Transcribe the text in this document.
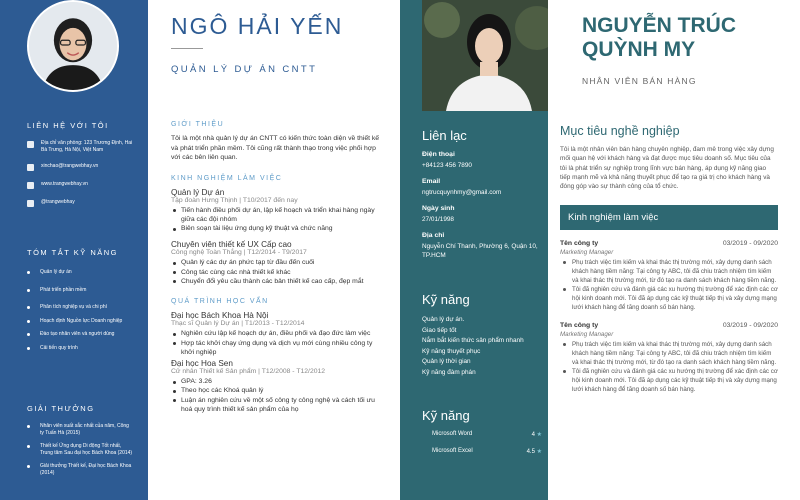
LIÊN HỆ VỚI TÔI
Địa chỉ văn phòng: 123 Trương Định, Hai Bà Trưng, Hà Nội, Việt Nam
xinchao@trangwebhay.vn
www.trangwebhay.vn
@trangwebhay
TÓM TẮT KỸ NĂNG
Quản lý dự án
Phát triển phần mềm
Phân tích nghiệp vụ và chi phí
Hoạch định Nguồn lực Doanh nghiệp
Đào tạo nhân viên và người dùng
Cải tiến quy trình
GIẢI THƯỞNG
Nhân viên xuất sắc nhất của năm, Công ty Tuấn Hà (2015)
Thiết kế Ứng dụng Di động Tốt nhất, Trung tâm Sau đại học Bách Khoa (2014)
Giải thưởng Thiết kế, Đại học Bách Khoa (2014)
NGÔ HẢI YẾN
QUẢN LÝ DỰ ÁN CNTT
GIỚI THIỆU

Tôi là một nhà quản lý dự án CNTT có kiến thức toàn diện về thiết kế và phát triển phần mềm. Tôi cũng rất thành thạo trong việc phối hợp với các bên liên quan.

KINH NGHIỆM LÀM VIỆC
Quản lý Dự án
Tập đoàn Hưng Thịnh | T10/2017 đến nay
Tiến hành điều phối dự án, lập kế hoạch và triển khai hàng ngày giữa các đội nhóm
Biên soạn tài liệu ứng dụng kỹ thuật và chức năng
Chuyên viên thiết kế UX Cấp cao
Công nghệ Toàn Thắng | T12/2014 - T9/2017
Quản lý các dự án phức tạp từ đầu đến cuối
Công tác cùng các nhà thiết kế khác
Chuyển đổi yêu cầu thành các bản thiết kế cao cấp, đẹp mắt
QUÁ TRÌNH HỌC VẤN
Đại học Bách Khoa Hà Nội
Thạc sĩ Quản lý Dự án | T1/2013 - T12/2014
Nghiên cứu lập kế hoạch dự án, điều phối và đạo đức làm việc
Hợp tác khởi chạy ứng dụng và dịch vụ mới cùng nhiều công ty khởi nghiệp
Đại học Hoa Sen
Cử nhân Thiết kế Sản phẩm | T12/2008 - T12/2012
GPA: 3.26
Theo học các Khoá quản lý
Luận án nghiên cứu về một số công ty công nghệ và cách tối ưu hoá quy trình thiết kế sản phẩm của họ
Liên lạc
Điện thoại
+84123 456 7890
Email
ngtrucquynhmy@gmail.com
Ngày sinh
27/01/1998
Địa chỉ
Nguyễn Chí Thanh, Phường 6, Quận 10, TP.HCM
Kỹ năng
Quản lý dự án.
Giao tiếp tốt
Nắm bắt kiến thức sản phẩm nhanh
Kỹ năng thuyết phục
Quản lý thời gian
Kỹ năng đàm phán
Kỹ năng
Microsoft Word	4 ★
Microsoft Excel	4.5 ★
NGUYỄN TRÚC
QUỲNH MY
NHÂN VIÊN BÁN HÀNG
Mục tiêu nghề nghiệp

Tôi là một nhân viên bán hàng chuyên nghiệp, đam mê trong việc xây dựng mối quan hệ với khách hàng và đạt được mục tiêu doanh số. Mục tiêu của tôi là phát triển sự nghiệp trong lĩnh vực bán hàng, áp dụng kỹ năng giao tiếp mạnh mẽ và khả năng thuyết phục để tạo ra giá trị cho khách hàng và đóng góp vào sự thành công của tổ chức.

Kinh nghiệm làm việc
Tên công ty	03/2019 - 09/2020
Marketing Manager
Phụ trách việc tìm kiếm và khai thác thị trường mới, xây dựng danh sách khách hàng tiềm năng: Tại công ty ABC, tôi đã chiu trách nhiệm tìm kiếm và khai thác thị trường mới, từ đó tạo ra danh sách khách hàng tiềm năng.
Tôi đã nghiên cứu và đánh giá các xu hướng thị trường để xác định các cơ hội kinh doanh mới. Tôi đã áp dụng các kỹ thuật tiếp thị và xây dựng mạng lưới khách hàng để tăng doanh số bán hàng.
Tên công ty	03/2019 - 09/2020
Marketing Manager
Phụ trách việc tìm kiếm và khai thác thị trường mới, xây dựng danh sách khách hàng tiềm năng: Tại công ty ABC, tôi đã chiu trách nhiệm tìm kiếm và khai thác thị trường mới, từ đó tạo ra danh sách khách hàng tiềm năng.
Tôi đã nghiên cứu và đánh giá các xu hướng thị trường để xác định các cơ hội kinh doanh mới. Tôi đã áp dụng các kỹ thuật tiếp thị và xây dựng mạng lưới khách hàng để tăng doanh số bán hàng.
